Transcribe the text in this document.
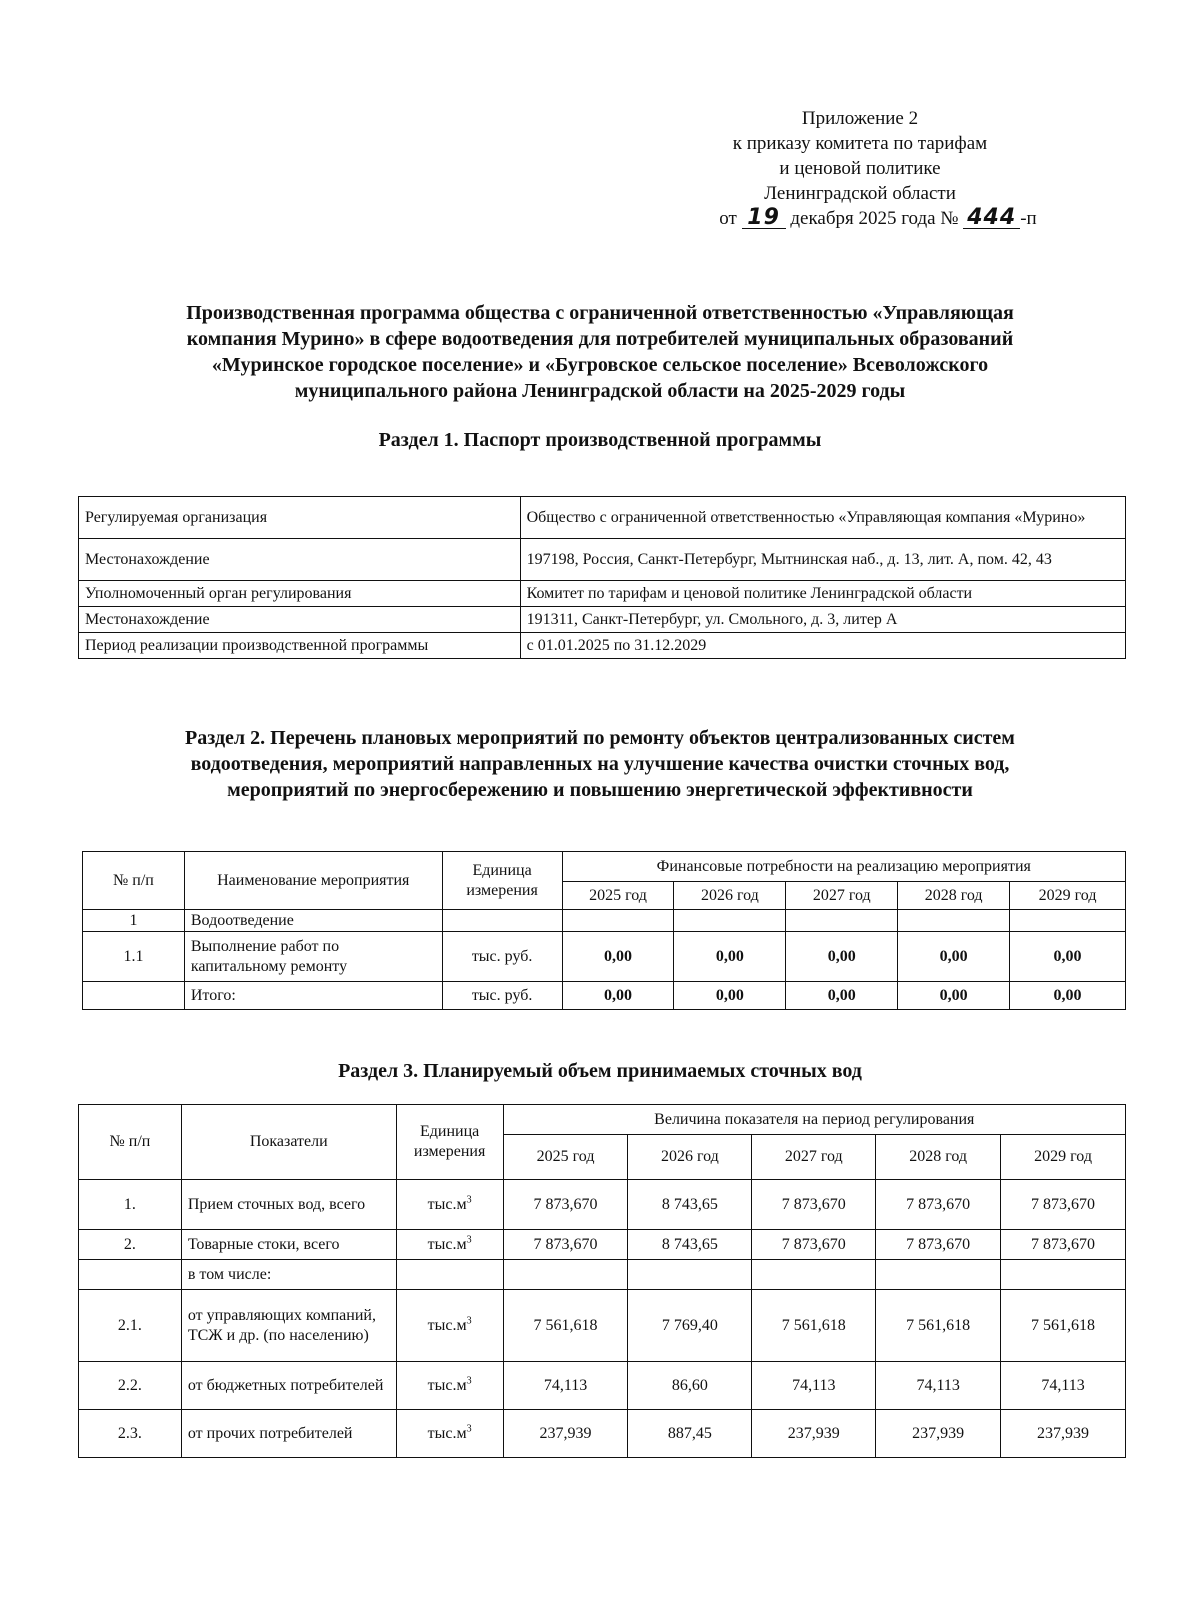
Приложение 2
к приказу комитета по тарифам
и ценовой политике
Ленинградской области
от 19 декабря 2025 года № 444 -п
Производственная программа общества с ограниченной ответственностью «Управляющая
компания Мурино» в сфере водоотведения для потребителей муниципальных образований
«Муринское городское поселение» и «Бугровское сельское поселение» Всеволожского
муниципального района Ленинградской области на 2025-2029 годы
Раздел 1. Паспорт производственной программы
Регулируемая организация	Общество с ограниченной ответственностью «Управляющая компания «Мурино»
Местонахождение	197198, Россия, Санкт-Петербург, Мытнинская наб., д. 13, лит. А, пом. 42, 43
Уполномоченный орган регулирования	Комитет по тарифам и ценовой политике Ленинградской области
Местонахождение	191311, Санкт-Петербург, ул. Смольного, д. 3, литер А
Период реализации производственной программы	с 01.01.2025 по 31.12.2029
Раздел 2. Перечень плановых мероприятий по ремонту объектов централизованных систем
водоотведения, мероприятий направленных на улучшение качества очистки сточных вод,
мероприятий по энергосбережению и повышению энергетической эффективности
№ п/п	Наименование мероприятия	Единица измерения	Финансовые потребности на реализацию мероприятия				
			2025 год	2026 год	2027 год	2028 год	2029 год
1	Водоотведение						
1.1	Выполнение работ по капитальному ремонту	тыс. руб.	0,00	0,00	0,00	0,00	0,00
	Итого:	тыс. руб.	0,00	0,00	0,00	0,00	0,00
Раздел 3. Планируемый объем принимаемых сточных вод
№ п/п	Показатели	Единица измерения	Величина показателя на период регулирования				
			2025 год	2026 год	2027 год	2028 год	2029 год
1.	Прием сточных вод, всего	$тыс.м^3$	7 873,670	8 743,65	7 873,670	7 873,670	7 873,670
2.	Товарные стоки, всего	$тыс.м^3$	7 873,670	8 743,65	7 873,670	7 873,670	7 873,670
	в том числе:						
2.1.	от управляющих компаний, ТСЖ и др. (по населению)	$тыс.м^3$	7 561,618	7 769,40	7 561,618	7 561,618	7 561,618
2.2.	от бюджетных потребителей	$тыс.м^3$	74,113	86,60	74,113	74,113	74,113
2.3.	от прочих потребителей	$тыс.м^3$	237,939	887,45	237,939	237,939	237,939
